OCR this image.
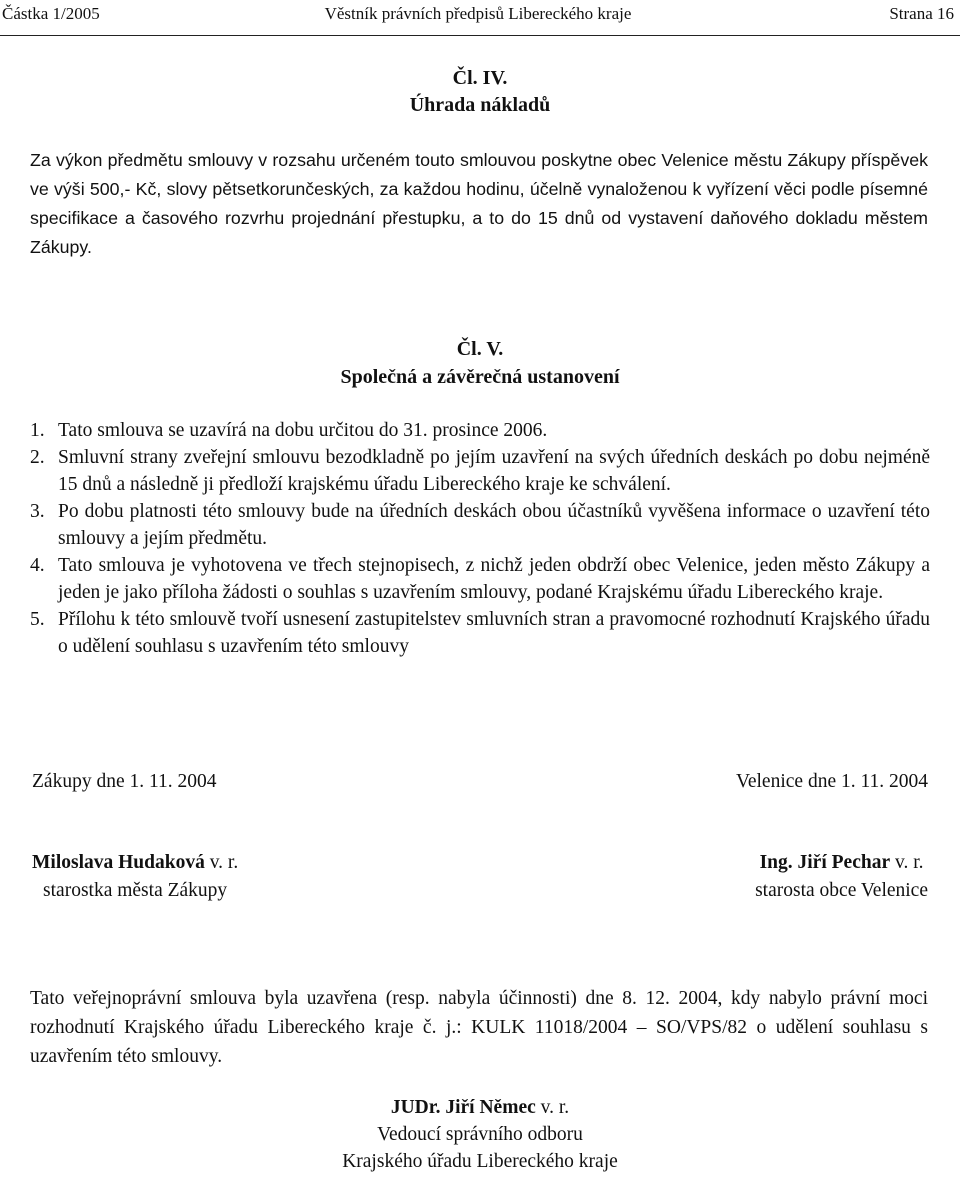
Částka 1/2005	Věstník právních předpisů Libereckého kraje	Strana 16
Čl. IV.
Úhrada nákladů
Za výkon předmětu smlouvy v rozsahu určeném touto smlouvou poskytne obec Velenice městu Zákupy příspěvek ve výši 500,- Kč, slovy pětsetkorunčeských, za každou hodinu, účelně vynaloženou k vyřízení věci podle písemné specifikace a časového rozvrhu projednání přestupku, a to do 15 dnů od vystavení daňového dokladu městem Zákupy.
Čl. V.
Společná a závěrečná ustanovení
1. Tato smlouva se uzavírá na dobu určitou do 31. prosince 2006.
2. Smluvní strany zveřejní smlouvu bezodkladně po jejím uzavření na svých úředních deskách po dobu nejméně 15 dnů a následně ji předloží krajskému úřadu Libereckého kraje ke schválení.
3. Po dobu platnosti této smlouvy bude na úředních deskách obou účastníků vyvěšena informace o uzavření této smlouvy a jejím předmětu.
4. Tato smlouva je vyhotovena ve třech stejnopisech, z nichž jeden obdrží obec Velenice, jeden město Zákupy a jeden je jako příloha žádosti o souhlas s uzavřením smlouvy, podané Krajskému úřadu Libereckého kraje.
5. Přílohu k této smlouvě tvoří usnesení zastupitelstev smluvních stran a pravomocné rozhodnutí Krajského úřadu o udělení souhlasu s uzavřením této smlouvy
Zákupy dne 1. 11. 2004	Velenice dne 1. 11. 2004
Miloslava Hudaková v. r.
starostka města Zákupy
Ing. Jiří Pechar v. r.
starosta obce Velenice
Tato veřejnoprávní smlouva byla uzavřena (resp. nabyla účinnosti) dne 8. 12. 2004, kdy nabylo právní moci rozhodnutí Krajského úřadu Libereckého kraje č. j.: KULK 11018/2004 – SO/VPS/82 o udělení souhlasu s uzavřením této smlouvy.
JUDr. Jiří Němec v. r.
Vedoucí správního odboru
Krajského úřadu Libereckého kraje
